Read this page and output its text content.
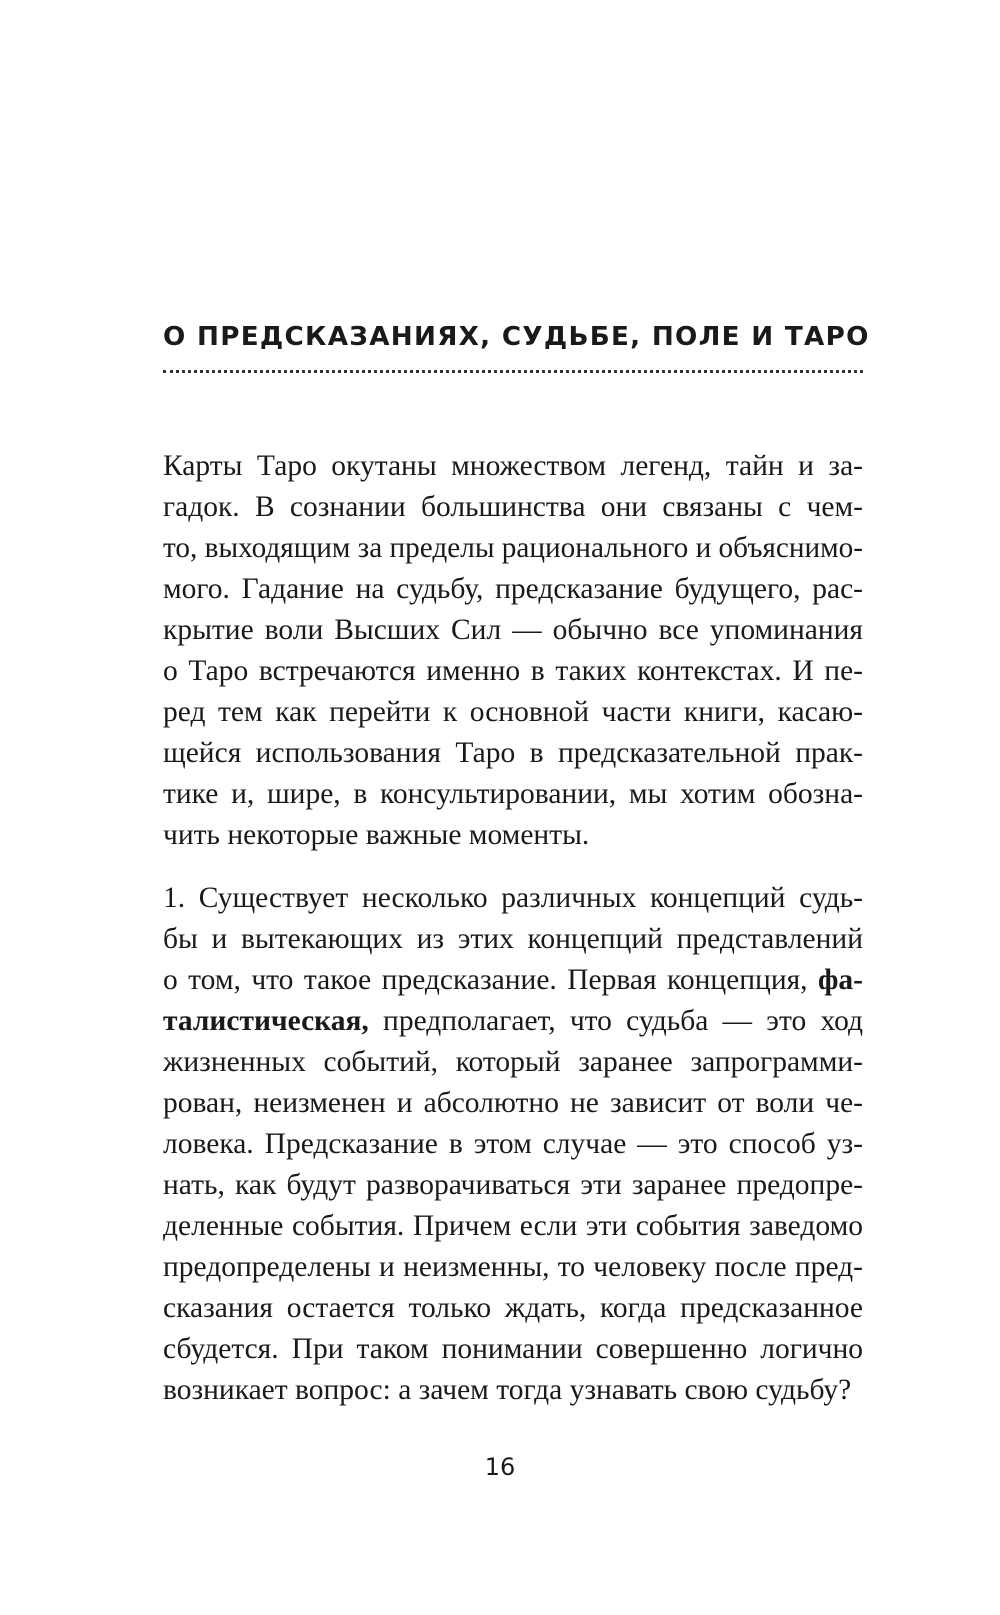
О ПРЕДСКАЗАНИЯХ, СУДЬБЕ, ПОЛЕ И ТАРО
Карты Таро окутаны множеством легенд, тайн и за-
гадок. В сознании большинства они связаны с чем-
то, выходящим за пределы рационального и объяснимо-
мого. Гадание на судьбу, предсказание будущего, рас-
крытие воли Высших Сил — обычно все упоминания
о Таро встречаются именно в таких контекстах. И пе-
ред тем как перейти к основной части книги, касаю-
щейся использования Таро в предсказательной прак-
тике и, шире, в консультировании, мы хотим обозна-
чить некоторые важные моменты.
1. Существует несколько различных концепций судь-
бы и вытекающих из этих концепций представлений
о том, что такое предсказание. Первая концепция, фа-
талистическая, предполагает, что судьба — это ход
жизненных событий, который заранее запрограмми-
рован, неизменен и абсолютно не зависит от воли че-
ловека. Предсказание в этом случае — это способ уз-
нать, как будут разворачиваться эти заранее предопре-
деленные события. Причем если эти события заведомо
предопределены и неизменны, то человеку после пред-
сказания остается только ждать, когда предсказанное
сбудется. При таком понимании совершенно логично
возникает вопрос: а зачем тогда узнавать свою судьбу?
16
